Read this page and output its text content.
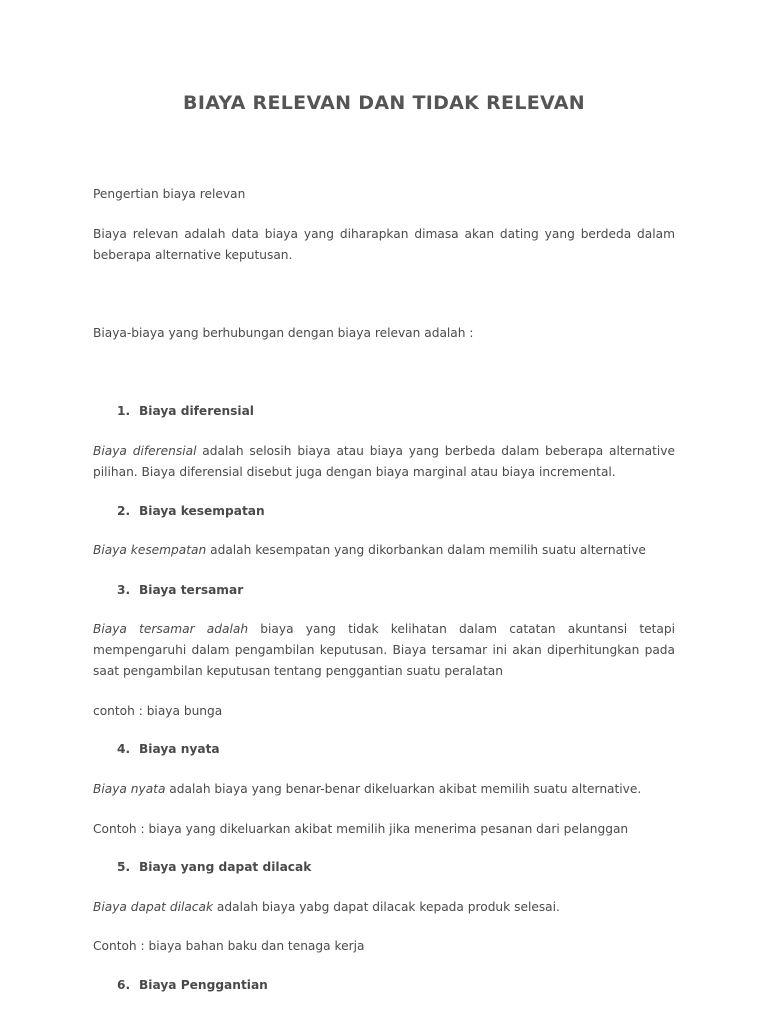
BIAYA RELEVAN DAN TIDAK RELEVAN

Pengertian biaya relevan

Biaya relevan adalah data biaya yang diharapkan dimasa akan dating yang berdeda dalam beberapa alternative keputusan.

Biaya-biaya yang berhubungan dengan biaya relevan adalah :

1. Biaya diferensial

Biaya diferensial adalah selosih biaya atau biaya yang berbeda dalam beberapa alternative pilihan. Biaya diferensial disebut juga dengan biaya marginal atau biaya incremental.

2. Biaya kesempatan

Biaya kesempatan adalah kesempatan yang dikorbankan dalam memilih suatu alternative

3. Biaya tersamar

Biaya tersamar adalah biaya yang tidak kelihatan dalam catatan akuntansi tetapi mempengaruhi dalam pengambilan keputusan. Biaya tersamar ini akan diperhitungkan pada saat pengambilan keputusan tentang penggantian suatu peralatan

contoh : biaya bunga

4. Biaya nyata

Biaya nyata adalah biaya yang benar-benar dikeluarkan akibat memilih suatu alternative.

Contoh : biaya yang dikeluarkan akibat memilih jika menerima pesanan dari pelanggan

5. Biaya yang dapat dilacak

Biaya dapat dilacak adalah biaya yabg dapat dilacak kepada produk selesai.

Contoh : biaya bahan baku dan tenaga kerja

6. Biaya Penggantian
